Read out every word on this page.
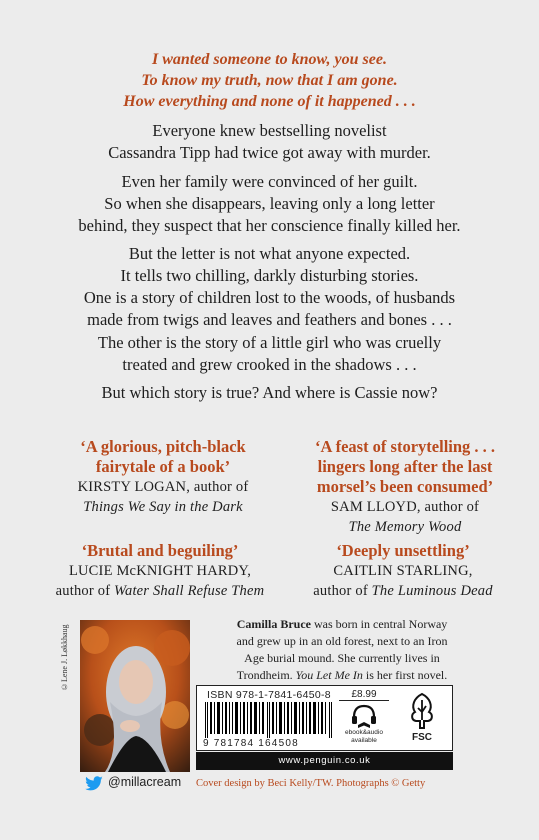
I wanted someone to know, you see.
To know my truth, now that I am gone.
How everything and none of it happened . . .
Everyone knew bestselling novelist
Cassandra Tipp had twice got away with murder.
Even her family were convinced of her guilt.
So when she disappears, leaving only a long letter
behind, they suspect that her conscience finally killed her.
But the letter is not what anyone expected.
It tells two chilling, darkly disturbing stories.
One is a story of children lost to the woods, of husbands
made from twigs and leaves and feathers and bones . . .
The other is the story of a little girl who was cruelly
treated and grew crooked in the shadows . . .
But which story is true? And where is Cassie now?
‘A glorious, pitch-black
fairytale of a book’
KIRSTY LOGAN, author of
Things We Say in the Dark
‘A feast of storytelling . . .
lingers long after the last
morsel’s been consumed’
SAM LLOYD, author of
The Memory Wood
‘Brutal and beguiling’
LUCIE McKNIGHT HARDY,
author of Water Shall Refuse Them
‘Deeply unsettling’
CAITLIN STARLING,
author of The Luminous Dead
©Lene J. Løkkhaug	Camilla Bruce was born in central Norway
and grew up in an old forest, next to an Iron
Age burial mound. She currently lives in
Trondheim. You Let Me In is her first novel.
ISBN 978-1-7841-6450-8
9 781784 164508
£8.99
ebook&audio
available	FSC
www.penguin.co.uk
@millacream Cover design by Beci Kelly/TW. Photographs © Getty
